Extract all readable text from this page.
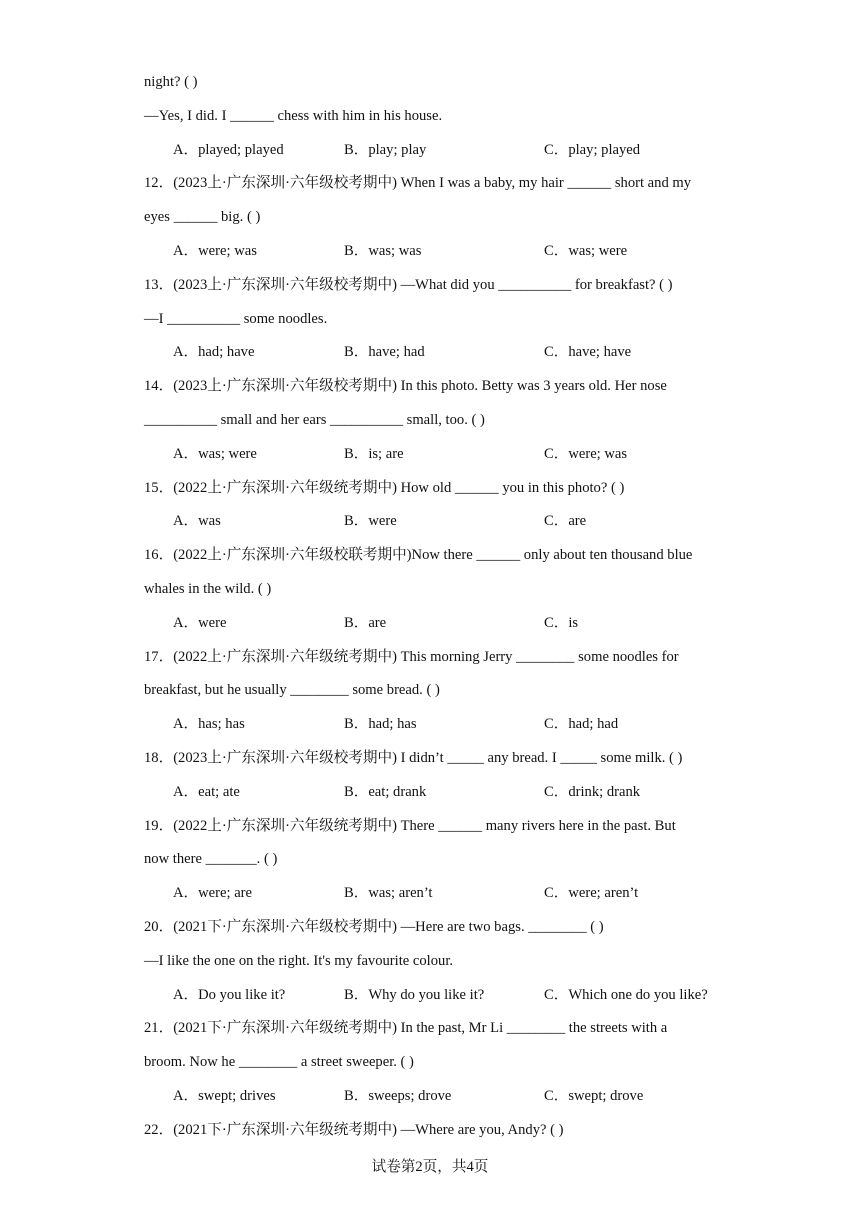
night? ( )
—Yes, I did. I ______ chess with him in his house.
A．played; played	B．play; play	C．play; played
12．(2023上·广东深圳·六年级校考期中) When I was a baby, my hair ______ short and my
eyes ______ big. ( )
A．were; was	B．was; was	C．was; were
13．(2023上·广东深圳·六年级校考期中) —What did you __________ for breakfast? ( )
—I __________ some noodles.
A．had; have	B．have; had	C．have; have
14．(2023上·广东深圳·六年级校考期中) In this photo. Betty was 3 years old. Her nose
__________ small and her ears __________ small, too. ( )
A．was; were	B．is; are	C．were; was
15．(2022上·广东深圳·六年级统考期中) How old ______ you in this photo? ( )
A．was	B．were	C．are
16．(2022上·广东深圳·六年级校联考期中)Now there ______ only about ten thousand blue
whales in the wild. ( )
A．were	B．are	C．is
17．(2022上·广东深圳·六年级统考期中) This morning Jerry ________ some noodles for
breakfast, but he usually ________ some bread. ( )
A．has; has	B．had; has	C．had; had
18．(2023上·广东深圳·六年级校考期中) I didn’t _____ any bread. I _____ some milk. ( )
A．eat; ate	B．eat; drank	C．drink; drank
19．(2022上·广东深圳·六年级统考期中) There ______ many rivers here in the past. But
now there _______. ( )
A．were; are	B．was; aren’t	C．were; aren’t
20．(2021下·广东深圳·六年级校考期中) —Here are two bags. ________ ( )
—I like the one on the right. It's my favourite colour.
A．Do you like it?	B．Why do you like it?	C．Which one do you like?
21．(2021下·广东深圳·六年级统考期中) In the past, Mr Li ________ the streets with a
broom. Now he ________ a street sweeper. ( )
A．swept; drives	B．sweeps; drove	C．swept; drove
22．(2021下·广东深圳·六年级统考期中) —Where are you, Andy? ( )
试卷第2页，共4页
